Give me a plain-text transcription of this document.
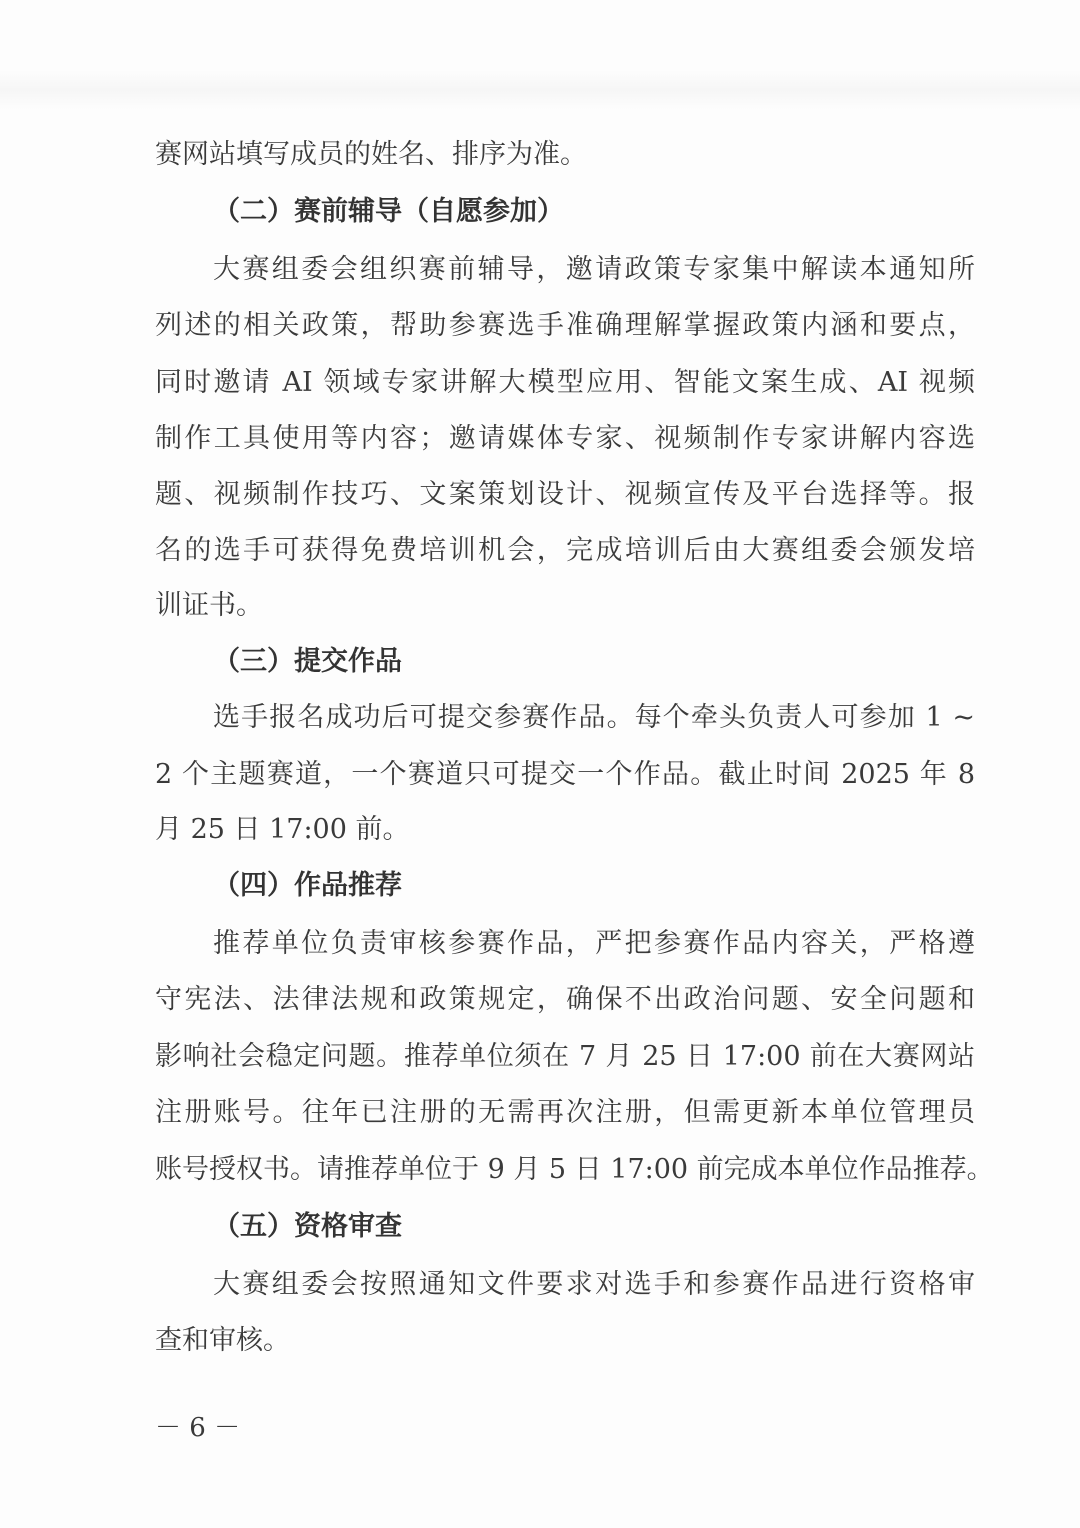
赛网站填写成员的姓名、排序为准。
（二）赛前辅导（自愿参加）
大赛组委会组织赛前辅导，邀请政策专家集中解读本通知所
列述的相关政策，帮助参赛选手准确理解掌握政策内涵和要点，
同时邀请 AI 领域专家讲解大模型应用、智能文案生成、AI 视频
制作工具使用等内容；邀请媒体专家、视频制作专家讲解内容选
题、视频制作技巧、文案策划设计、视频宣传及平台选择等。报
名的选手可获得免费培训机会，完成培训后由大赛组委会颁发培
训证书。
（三）提交作品
选手报名成功后可提交参赛作品。每个牵头负责人可参加 1 ~
2 个主题赛道，一个赛道只可提交一个作品。截止时间 2025 年 8
月 25 日 17:00 前。
（四）作品推荐
推荐单位负责审核参赛作品，严把参赛作品内容关，严格遵
守宪法、法律法规和政策规定，确保不出政治问题、安全问题和
影响社会稳定问题。推荐单位须在 7 月 25 日 17:00 前在大赛网站
注册账号。往年已注册的无需再次注册，但需更新本单位管理员
账号授权书。请推荐单位于 9 月 5 日 17:00 前完成本单位作品推荐。
（五）资格审查
大赛组委会按照通知文件要求对选手和参赛作品进行资格审
查和审核。
－ 6 －
